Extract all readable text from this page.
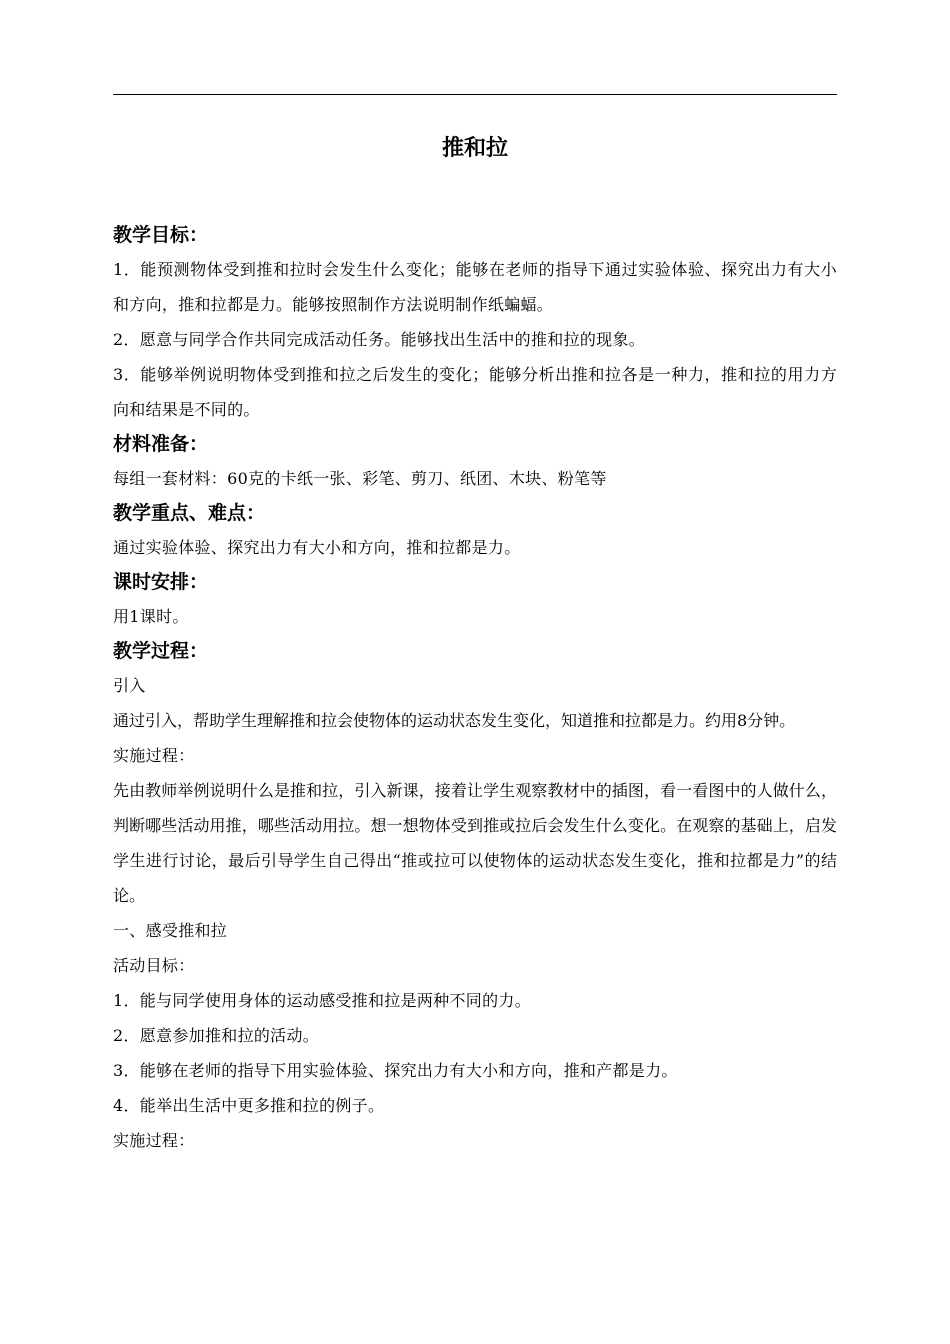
推和拉

教学目标：

1．能预测物体受到推和拉时会发生什么变化；能够在老师的指导下通过实验体验、探究出力有大小和方向，推和拉都是力。能够按照制作方法说明制作纸蝙蝠。

2．愿意与同学合作共同完成活动任务。能够找出生活中的推和拉的现象。

3．能够举例说明物体受到推和拉之后发生的变化；能够分析出推和拉各是一种力，推和拉的用力方向和结果是不同的。

材料准备：

每组一套材料：60克的卡纸一张、彩笔、剪刀、纸团、木块、粉笔等

教学重点、难点：

通过实验体验、探究出力有大小和方向，推和拉都是力。

课时安排：

用1课时。

教学过程：

引入

通过引入，帮助学生理解推和拉会使物体的运动状态发生变化，知道推和拉都是力。约用8分钟。

实施过程：

先由教师举例说明什么是推和拉，引入新课，接着让学生观察教材中的插图，看一看图中的人做什么，判断哪些活动用推，哪些活动用拉。想一想物体受到推或拉后会发生什么变化。在观察的基础上，启发学生进行讨论，最后引导学生自己得出“推或拉可以使物体的运动状态发生变化，推和拉都是力”的结论。

一、感受推和拉

活动目标：

1．能与同学使用身体的运动感受推和拉是两种不同的力。

2．愿意参加推和拉的活动。

3．能够在老师的指导下用实验体验、探究出力有大小和方向，推和产都是力。

4．能举出生活中更多推和拉的例子。

实施过程：
